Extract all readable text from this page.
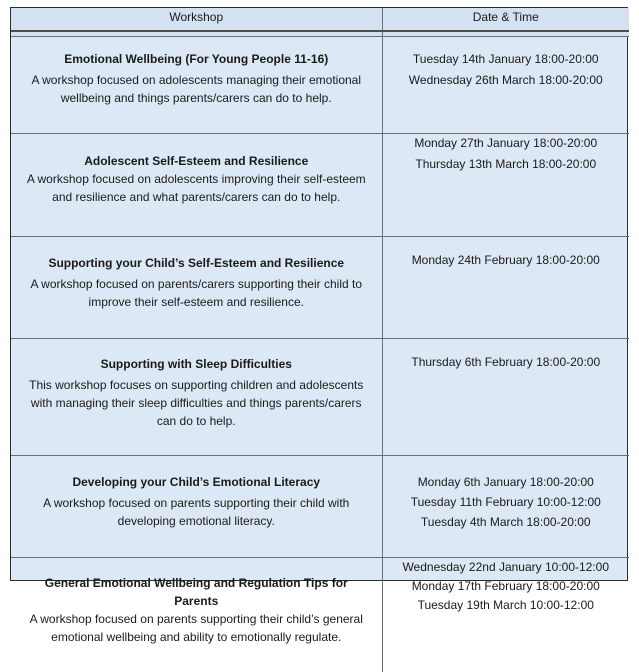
Workshop	Date & Time

Emotional Wellbeing (For Young People 11-16)
A workshop focused on adolescents managing their emotional wellbeing and things parents/carers can do to help.	Tuesday 14th January 18:00-20:00
Wednesday 26th March 18:00-20:00

Adolescent Self-Esteem and Resilience
A workshop focused on adolescents improving their self-esteem and resilience and what parents/carers can do to help.	Monday 27th January 18:00-20:00
Thursday 13th March 18:00-20:00

Supporting your Child’s Self-Esteem and Resilience
A workshop focused on parents/carers supporting their child to improve their self-esteem and resilience.	Monday 24th February 18:00-20:00

Supporting with Sleep Difficulties
This workshop focuses on supporting children and adolescents with managing their sleep difficulties and things parents/carers can do to help.	Thursday 6th February 18:00-20:00

Developing your Child’s Emotional Literacy
A workshop focused on parents supporting their child with developing emotional literacy.	Monday 6th January 18:00-20:00
Tuesday 11th February 10:00-12:00
Tuesday 4th March 18:00-20:00

General Emotional Wellbeing and Regulation Tips for Parents
A workshop focused on parents supporting their child’s general emotional wellbeing and ability to emotionally regulate.	Wednesday 22nd January 10:00-12:00
Monday 17th February 18:00-20:00
Tuesday 19th March 10:00-12:00
